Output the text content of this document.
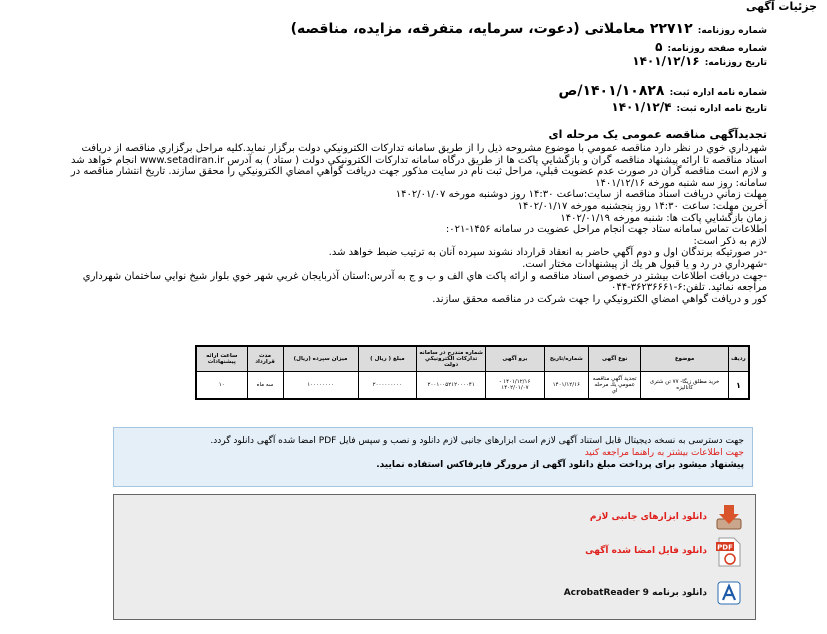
جزئیات آگهی
شماره روزنامه: ۲۲۷۱۲ معاملاتی (دعوت، سرمایه، متفرقه، مزایده، مناقصه)
شماره صفحه روزنامه: ۵
تاریخ روزنامه: ۱۴۰۱/۱۲/۱۶
شماره نامه اداره ثبت: ۱۴۰۱/۱۰۸۲۸/ص
تاریخ نامه اداره ثبت: ۱۴۰۱/۱۲/۴
تجدیدآگهی مناقصه عمومی یک مرحله ای

شهرداري خوي در نظر دارد مناقصه عمومي با موضوع مشروحه ذيل را از طريق سامانه تداركات الكترونيكي دولت برگزار نمايد.كليه مراحل برگزاري مناقصه از دريافت اسناد مناقصه تا ارائه پيشنهاد مناقصه گران و بازگشايي پاكت ها از طريق درگاه سامانه تداركات الكترونيكي دولت ( ستاد ) به آدرس www.setadiran.ir انجام خواهد شد و لازم است مناقصه گران در صورت عدم عضويت قبلي، مراحل ثبت نام در سايت مذكور جهت دريافت گواهي امضاي الكترونيكي را محقق سازند. تاريخ انتشار مناقصه در سامانه: روز سه شنبه مورخه ۱۴۰۱/۱۲/۱۶

مهلت زماني دريافت اسناد مناقصه از سايت:ساعت ۱۴:۳۰ روز دوشنبه مورخه ۱۴۰۲/۰۱/۰۷

آخرين مهلت: ساعت ۱۴:۳۰ روز پنجشنبه مورخه ۱۴۰۲/۰۱/۱۷

زمان بازگشايي پاكت ها: شنبه مورخه ۱۴۰۲/۰۱/۱۹

اطلاعات تماس سامانه ستاد جهت انجام مراحل عضويت در سامانه ۱۴۵۶-۰۲۱:

لازم به ذكر است:

-در صورتيكه برندگان اول و دوم آگهي حاضر به انعقاد قرارداد نشوند سپرده آنان به ترتيب ضبط خواهد شد.

-شهرداري در رد و يا قبول هر يك از پيشنهادات مختار است.

-جهت دريافت اطلاعات بيشتر در خصوص اسناد مناقصه و ارائه پاكت هاي الف و ب و ج به آدرس:استان آذربايجان غربي شهر خوي بلوار شيخ نوايي ساختمان شهرداري مراجعه نمائيد. تلفن:۶-۳۶۲۳۶۶۶۱-۰۴۴

كور و دريافت گواهي امضاي الكترونيكي را جهت شركت در مناقصه محقق سازند.

ردیف	موضوع	نوع آگهی	شماره/تاریخ	برو آگهی	شماره مندرج در سامانه تداركات الكترونيكي دولت	مبلغ ( ريال )	ميزان سپرده (ريال)	مدت قرارداد	ساعت ارائه پيشنهادات
۱	خريد مطلق زيگا- ۷۷ تن شترى كاناليزه	تجديد آگهي مناقصه عمومي يك مرحله اي	۱۴۰۱/۱۲/۱۶	۱۴۰۱/۱۲/۱۶ - ۱۴۰۲/۰۱/۰۷	۲۰۰۱۰۰۵۲۱۲۰۰۰۰۴۱	۲۰۰۰۰۰۰۰۰۰	۱۰۰۰۰۰۰۰۰	سه ماه	۱۰
جهت دسترسی به نسخه دیجیتال قابل استناد آگهی لازم است ابزارهای جانبی لازم دانلود و نصب و سپس فایل PDF امضا شده آگهی دانلود گردد.
جهت اطلاعات بیشتر به راهنما مراجعه کنید
پیشنهاد میشود برای پرداخت مبلغ دانلود آگهی از مرورگر فایرفاکس استفاده نمایید.
دانلود ابزارهای جانبی لازم
PDF
دانلود فایل امضا شده آگهی
دانلود برنامه AcrobatReader 9
